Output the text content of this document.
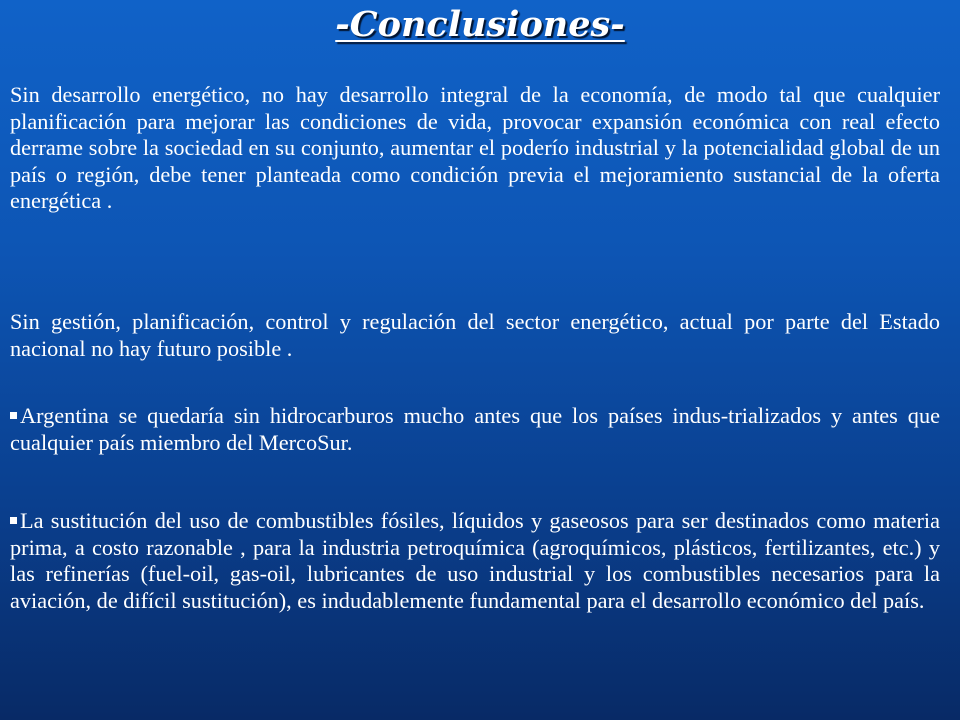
-Conclusiones-

Sin desarrollo energético, no hay desarrollo integral de la economía, de modo tal que cualquier planificación para mejorar las condiciones de vida, provocar expansión económica con real efecto derrame sobre la sociedad en su conjunto, aumentar el poderío industrial y la potencialidad global de un país o región, debe tener planteada como condición previa el mejoramiento sustancial de la oferta energética .

Sin gestión, planificación, control y regulación del sector energético, actual por parte del Estado nacional no hay futuro posible .

Argentina se quedaría sin hidrocarburos mucho antes que los países indus-trializados y antes que cualquier país miembro del MercoSur.

La sustitución del uso de combustibles fósiles, líquidos y gaseosos para ser destinados como materia prima, a costo razonable , para la industria petroquímica (agroquímicos, plásticos, fertilizantes, etc.) y las refinerías (fuel-oil, gas-oil, lubricantes de uso industrial y los combustibles necesarios para la aviación, de difícil sustitución), es indudablemente fundamental para el desarrollo económico del país.
